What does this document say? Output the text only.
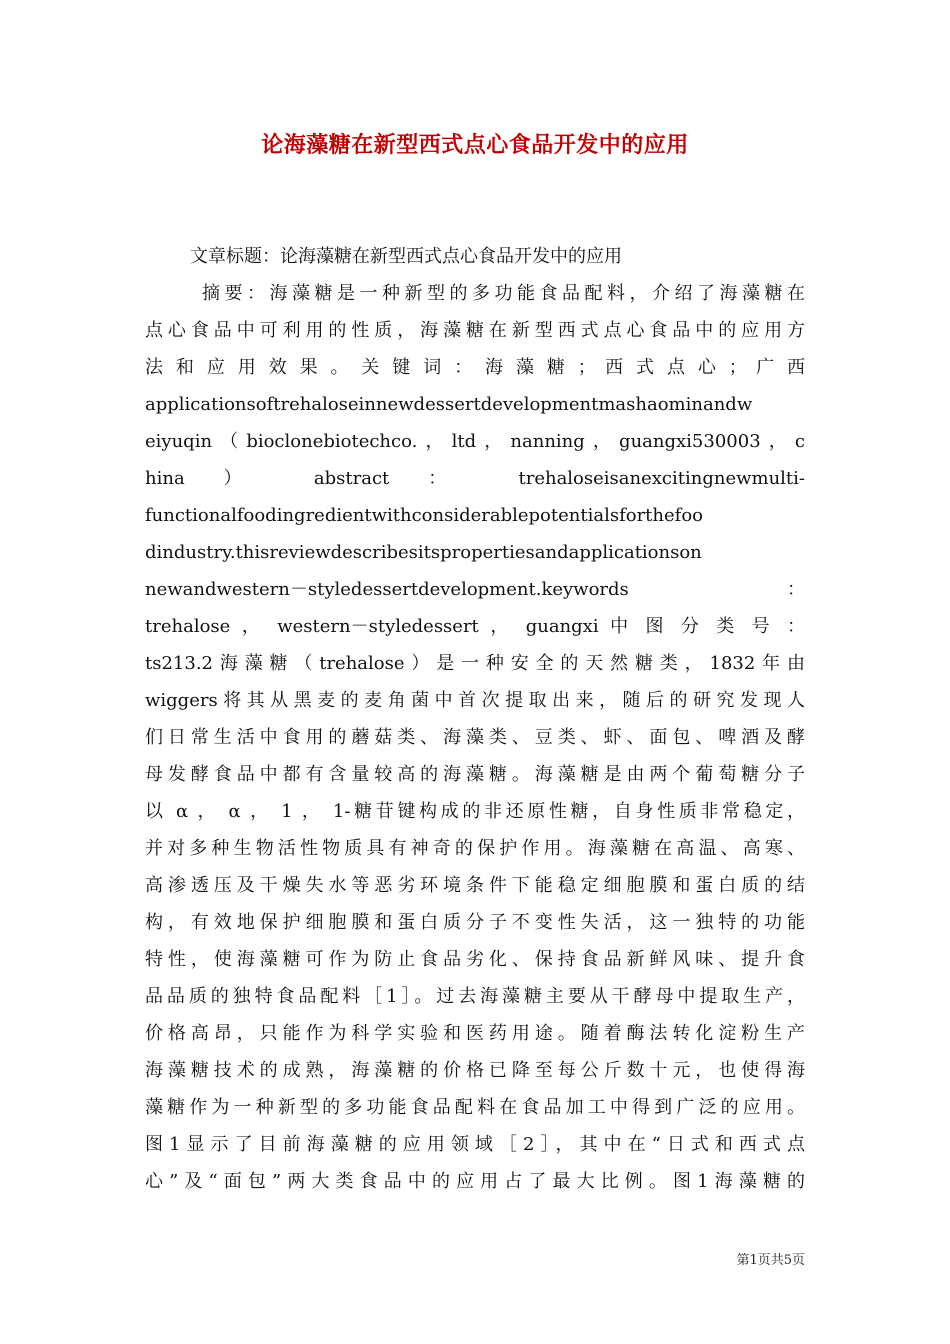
论海藻糖在新型西式点心食品开发中的应用
文章标题：论海藻糖在新型西式点心食品开发中的应用
摘要：海藻糖是一种新型的多功能食品配料，介绍了海藻糖在
点心食品中可利用的性质，海藻糖在新型西式点心食品中的应用方
法 和 应 用 效 果 。 关 键 词 ： 海 藻 糖 ； 西 式 点 心 ； 广 西
applicationsoftrehaloseinnewdessertdevelopmentmashaominandw
eiyuqin（bioclonebiotechco.，ltd，nanning，guangxi530003，c
hina ） abstract ： trehaloseisanexcitingnewmulti-
functionalfoodingredientwithconsiderablepotentialsforthefoo
dindustry.thisreviewdescribesitspropertiesandapplicationson
newandwestern－styledessertdevelopment.keywords ：
trehalose ， western－styledessert ， guangxi 中 图 分 类 号 ：
ts213.2海藻糖（trehalose）是一种安全的天然糖类，1832年由
wiggers将其从黑麦的麦角菌中首次提取出来，随后的研究发现人
们日常生活中食用的蘑菇类、海藻类、豆类、虾、面包、啤酒及酵
母发酵食品中都有含量较高的海藻糖。海藻糖是由两个葡萄糖分子
以 α ， α ， 1 ， 1-糖苷键构成的非还原性糖，自身性质非常稳定，
并对多种生物活性物质具有神奇的保护作用。海藻糖在高温、高寒、
高渗透压及干燥失水等恶劣环境条件下能稳定细胞膜和蛋白质的结
构，有效地保护细胞膜和蛋白质分子不变性失活，这一独特的功能
特性，使海藻糖可作为防止食品劣化、保持食品新鲜风味、提升食
品品质的独特食品配料［1］。过去海藻糖主要从干酵母中提取生产，
价格高昂，只能作为科学实验和医药用途。随着酶法转化淀粉生产
海藻糖技术的成熟，海藻糖的价格已降至每公斤数十元，也使得海
藻糖作为一种新型的多功能食品配料在食品加工中得到广泛的应用。
图1显示了目前海藻糖的应用领域［2］，其中在“日式和西式点
心”及“面包”两大类食品中的应用占了最大比例。图1海藻糖的
第1页共5页
